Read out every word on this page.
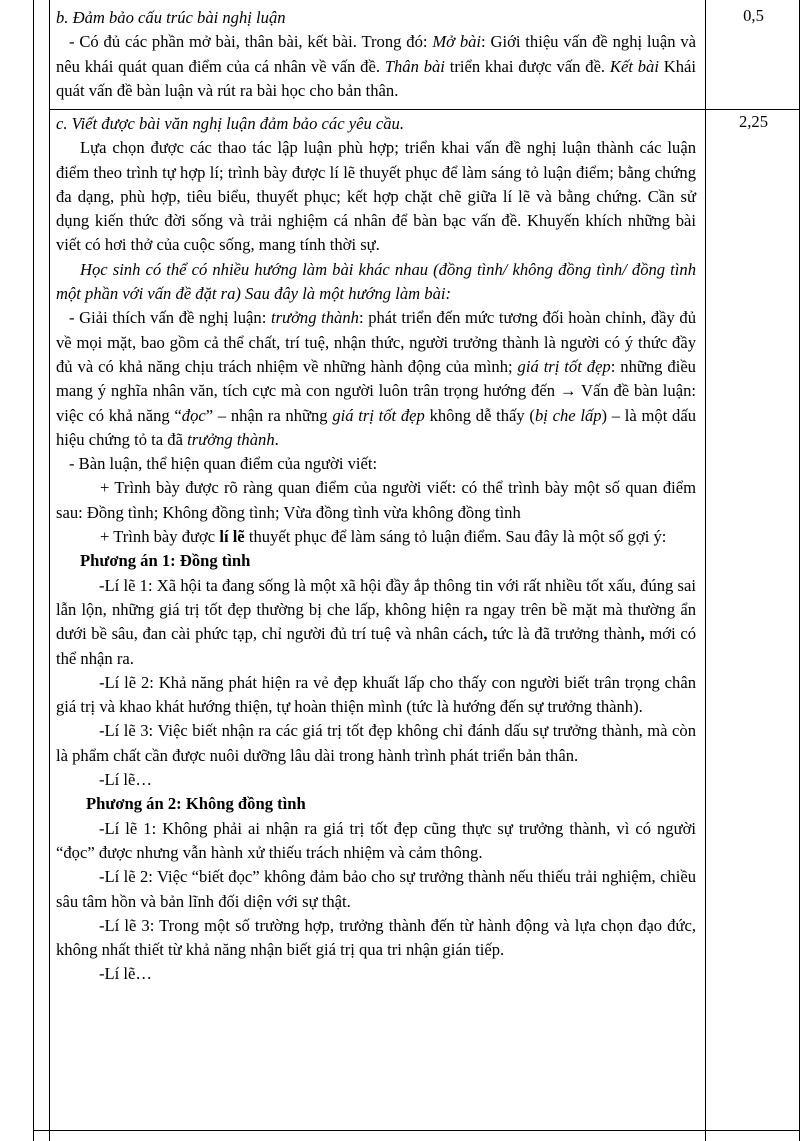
0,5

b. Đảm bảo cấu trúc bài nghị luận

- Có đủ các phần mở bài, thân bài, kết bài. Trong đó: Mở bài: Giới thiệu vấn đề nghị luận và nêu khái quát quan điểm của cá nhân về vấn đề. Thân bài triển khai được vấn đề. Kết bài Khái quát vấn đề bàn luận và rút ra bài học cho bản thân.

2,25

c. Viết được bài văn nghị luận đảm bảo các yêu cầu.

Lựa chọn được các thao tác lập luận phù hợp; triển khai vấn đề nghị luận thành các luận điểm theo trình tự hợp lí; trình bày được lí lẽ thuyết phục để làm sáng tỏ luận điểm; bằng chứng đa dạng, phù hợp, tiêu biểu, thuyết phục; kết hợp chặt chẽ giữa lí lẽ và bằng chứng. Cần sử dụng kiến thức đời sống và trải nghiệm cá nhân để bàn bạc vấn đề. Khuyến khích những bài viết có hơi thở của cuộc sống, mang tính thời sự.

Học sinh có thể có nhiều hướng làm bài khác nhau (đồng tình/ không đồng tình/ đồng tình một phần với vấn đề đặt ra) Sau đây là một hướng làm bài:

- Giải thích vấn đề nghị luận: trưởng thành: phát triển đến mức tương đối hoàn chỉnh, đầy đủ về mọi mặt, bao gồm cả thể chất, trí tuệ, nhận thức, người trưởng thành là người có ý thức đầy đủ và có khả năng chịu trách nhiệm về những hành động của mình; giá trị tốt đẹp: những điều mang ý nghĩa nhân văn, tích cực mà con người luôn trân trọng hướng đến → Vấn đề bàn luận: việc có khả năng “đọc” – nhận ra những giá trị tốt đẹp không dễ thấy (bị che lấp) – là một dấu hiệu chứng tỏ ta đã trưởng thành.

- Bàn luận, thể hiện quan điểm của người viết:

+ Trình bày được rõ ràng quan điểm của người viết: có thể trình bày một số quan điểm sau: Đồng tình; Không đồng tình; Vừa đồng tình vừa không đồng tình

+ Trình bày được lí lẽ thuyết phục để làm sáng tỏ luận điểm. Sau đây là một số gợi ý:

Phương án 1: Đồng tình

-Lí lẽ 1: Xã hội ta đang sống là một xã hội đầy ắp thông tin với rất nhiều tốt xấu, đúng sai lẫn lộn, những giá trị tốt đẹp thường bị che lấp, không hiện ra ngay trên bề mặt mà thường ẩn dưới bề sâu, đan cài phức tạp, chỉ người đủ trí tuệ và nhân cách, tức là đã trưởng thành, mới có thể nhận ra.

-Lí lẽ 2: Khả năng phát hiện ra vẻ đẹp khuất lấp cho thấy con người biết trân trọng chân giá trị và khao khát hướng thiện, tự hoàn thiện mình (tức là hướng đến sự trưởng thành).

-Lí lẽ 3: Việc biết nhận ra các giá trị tốt đẹp không chỉ đánh dấu sự trưởng thành, mà còn là phẩm chất cần được nuôi dưỡng lâu dài trong hành trình phát triển bản thân.

-Lí lẽ…

Phương án 2: Không đồng tình

-Lí lẽ 1: Không phải ai nhận ra giá trị tốt đẹp cũng thực sự trưởng thành, vì có người “đọc” được nhưng vẫn hành xử thiếu trách nhiệm và cảm thông.

-Lí lẽ 2: Việc “biết đọc” không đảm bảo cho sự trưởng thành nếu thiếu trải nghiệm, chiều sâu tâm hồn và bản lĩnh đối diện với sự thật.

-Lí lẽ 3: Trong một số trường hợp, trưởng thành đến từ hành động và lựa chọn đạo đức, không nhất thiết từ khả năng nhận biết giá trị qua tri nhận gián tiếp.

-Lí lẽ…
